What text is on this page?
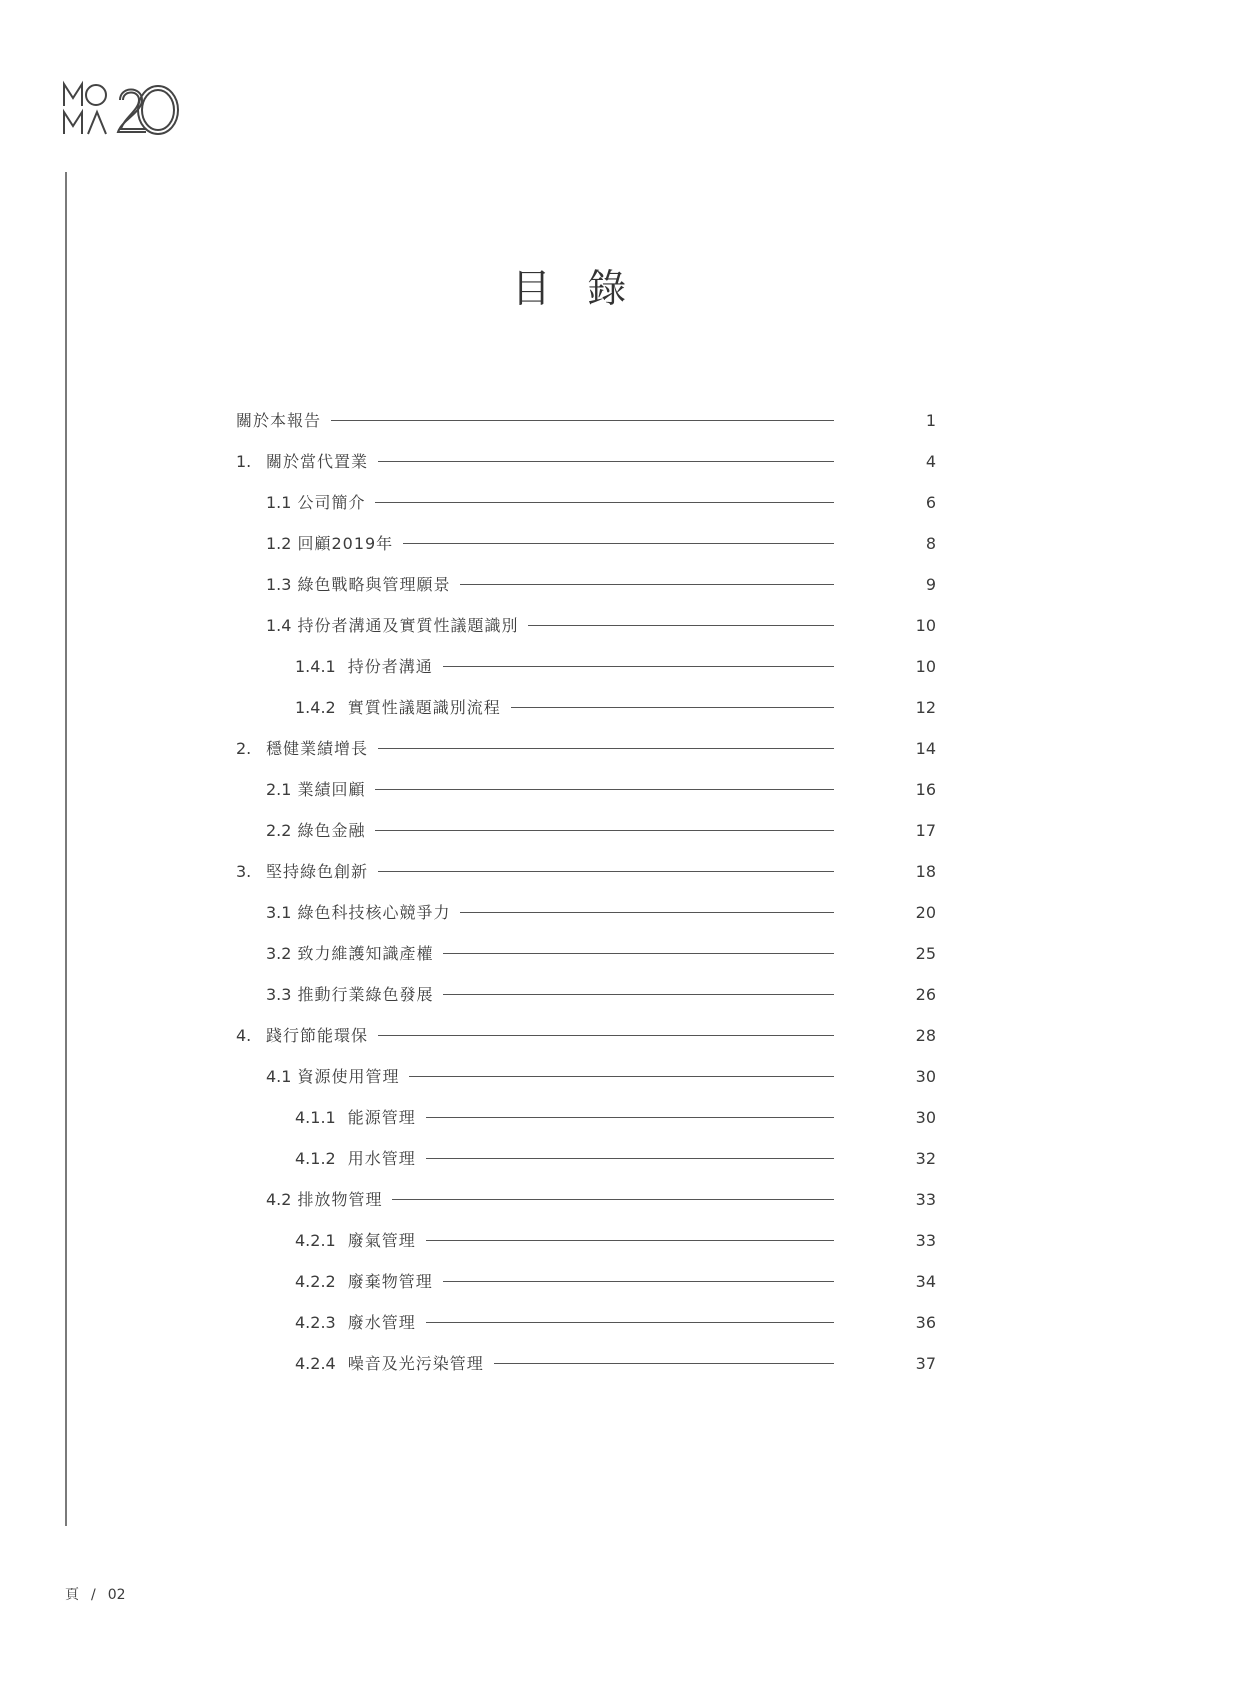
目 錄
關於本報告	1
1. 關於當代置業	4
1.1 公司簡介	6
1.2 回顧2019年	8
1.3 綠色戰略與管理願景	9
1.4 持份者溝通及實質性議題識別	10
1.4.1 持份者溝通	10
1.4.2 實質性議題識別流程	12
2. 穩健業績增長	14
2.1 業績回顧	16
2.2 綠色金融	17
3. 堅持綠色創新	18
3.1 綠色科技核心競爭力	20
3.2 致力維護知識產權	25
3.3 推動行業綠色發展	26
4. 踐行節能環保	28
4.1 資源使用管理	30
4.1.1 能源管理	30
4.1.2 用水管理	32
4.2 排放物管理	33
4.2.1 廢氣管理	33
4.2.2 廢棄物管理	34
4.2.3 廢水管理	36
4.2.4 噪音及光污染管理	37
頁 / 02
